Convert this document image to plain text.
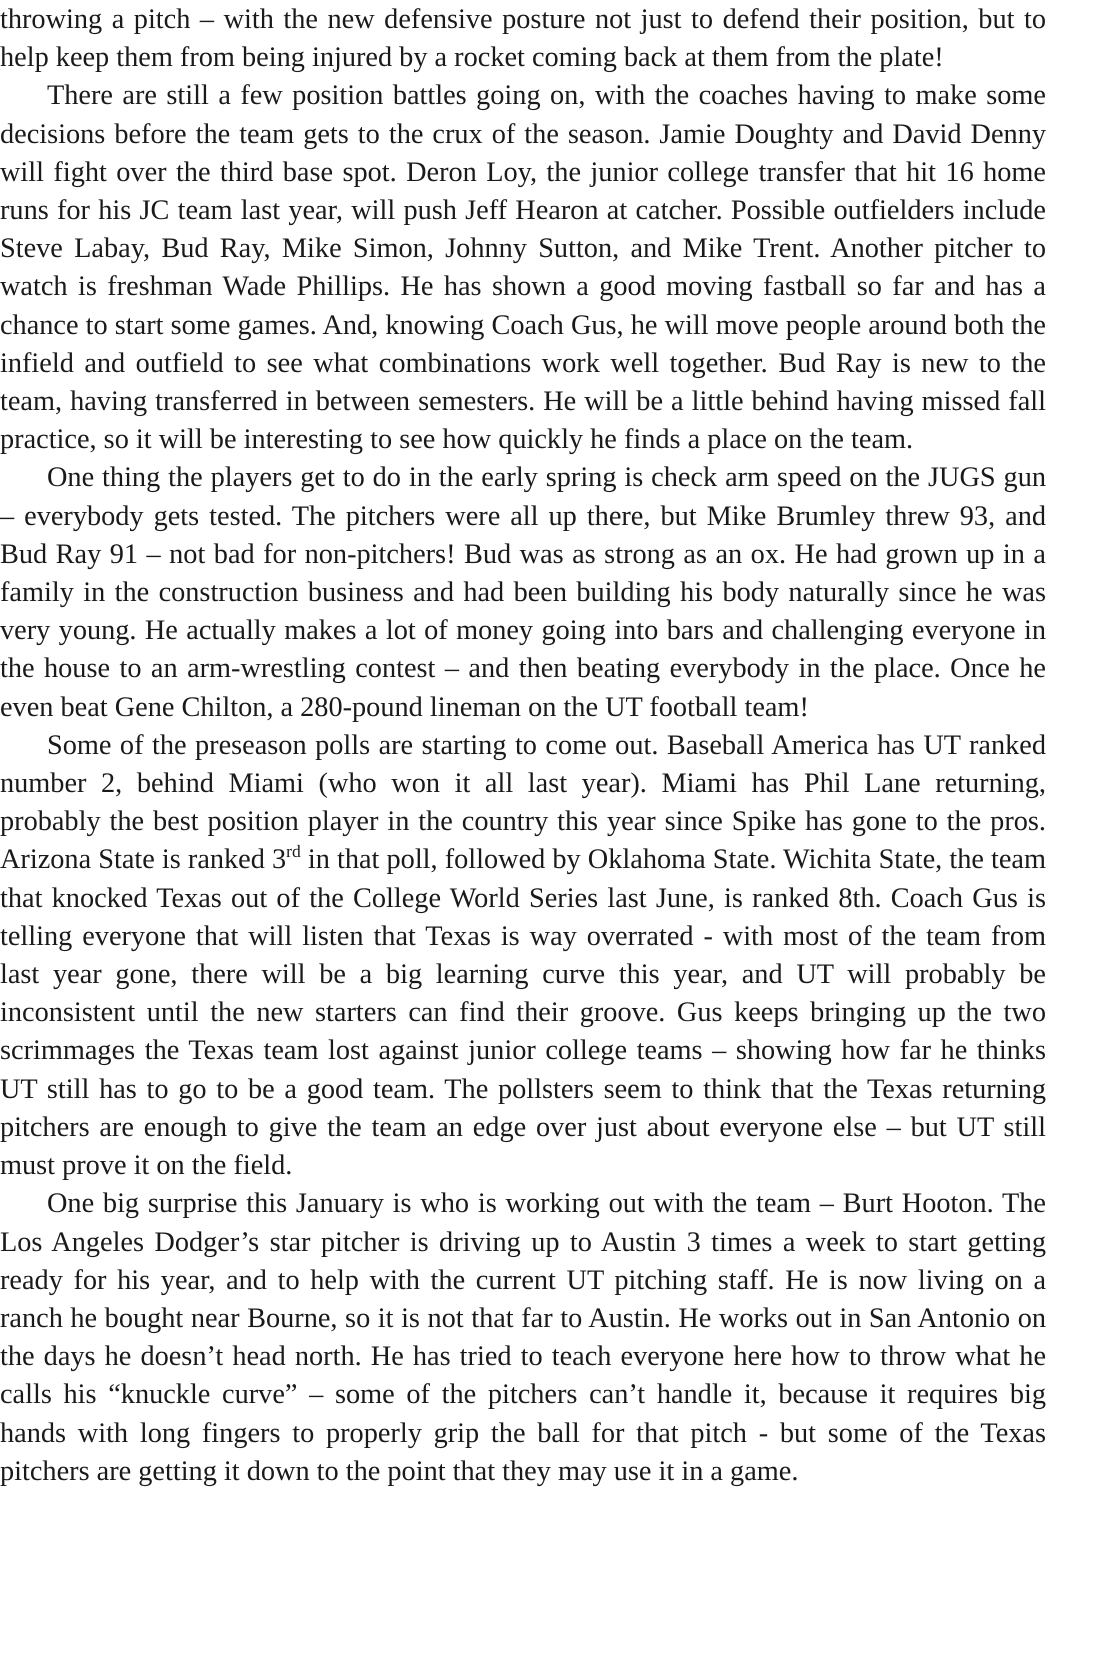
throwing a pitch – with the new defensive posture not just to defend their position, but to help keep them from being injured by a rocket coming back at them from the plate!

There are still a few position battles going on, with the coaches having to make some decisions before the team gets to the crux of the season. Jamie Doughty and David Denny will fight over the third base spot. Deron Loy, the junior college transfer that hit 16 home runs for his JC team last year, will push Jeff Hearon at catcher. Possible outfielders include Steve Labay, Bud Ray, Mike Simon, Johnny Sutton, and Mike Trent. Another pitcher to watch is freshman Wade Phillips. He has shown a good moving fastball so far and has a chance to start some games. And, knowing Coach Gus, he will move people around both the infield and outfield to see what combinations work well together. Bud Ray is new to the team, having transferred in between semesters. He will be a little behind having missed fall practice, so it will be interesting to see how quickly he finds a place on the team.

One thing the players get to do in the early spring is check arm speed on the JUGS gun – everybody gets tested. The pitchers were all up there, but Mike Brumley threw 93, and Bud Ray 91 – not bad for non-pitchers! Bud was as strong as an ox. He had grown up in a family in the construction business and had been building his body naturally since he was very young. He actually makes a lot of money going into bars and challenging everyone in the house to an arm-wrestling contest – and then beating everybody in the place. Once he even beat Gene Chilton, a 280-pound lineman on the UT football team!

Some of the preseason polls are starting to come out. Baseball America has UT ranked number 2, behind Miami (who won it all last year). Miami has Phil Lane returning, probably the best position player in the country this year since Spike has gone to the pros. Arizona State is ranked 3rd in that poll, followed by Oklahoma State. Wichita State, the team that knocked Texas out of the College World Series last June, is ranked 8th. Coach Gus is telling everyone that will listen that Texas is way overrated - with most of the team from last year gone, there will be a big learning curve this year, and UT will probably be inconsistent until the new starters can find their groove. Gus keeps bringing up the two scrimmages the Texas team lost against junior college teams – showing how far he thinks UT still has to go to be a good team. The pollsters seem to think that the Texas returning pitchers are enough to give the team an edge over just about everyone else – but UT still must prove it on the field.

One big surprise this January is who is working out with the team – Burt Hooton. The Los Angeles Dodger’s star pitcher is driving up to Austin 3 times a week to start getting ready for his year, and to help with the current UT pitching staff. He is now living on a ranch he bought near Bourne, so it is not that far to Austin. He works out in San Antonio on the days he doesn’t head north. He has tried to teach everyone here how to throw what he calls his “knuckle curve” – some of the pitchers can’t handle it, because it requires big hands with long fingers to properly grip the ball for that pitch - but some of the Texas pitchers are getting it down to the point that they may use it in a game.
